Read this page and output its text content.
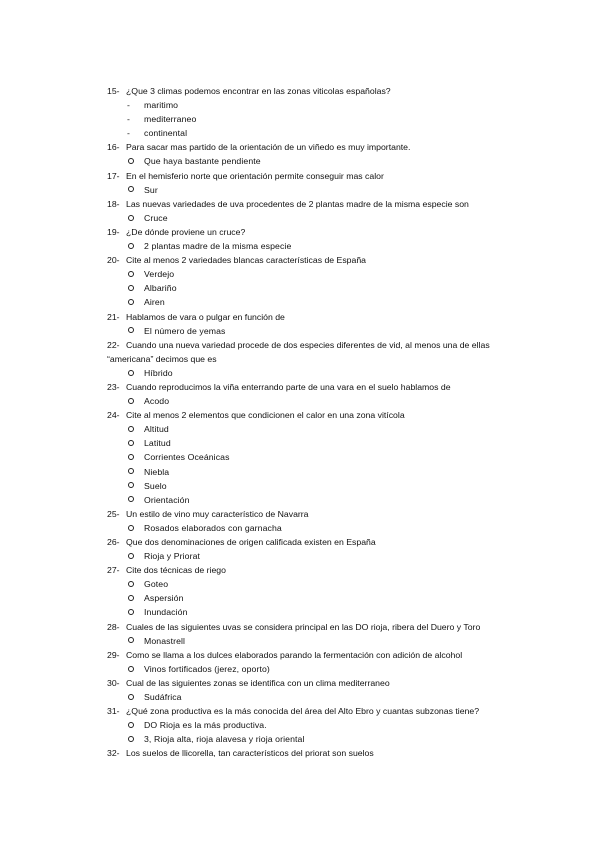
15- ¿Que 3 climas podemos encontrar en las zonas viticolas españolas?
- maritimo
- mediterraneo
- continental
16- Para sacar mas partido de la orientación de un viñedo es muy importante.
Que haya bastante pendiente
17- En el hemisferio norte que orientación permite conseguir mas calor
Sur
18- Las nuevas variedades de uva procedentes de 2 plantas madre de la misma especie son
Cruce
19- ¿De dónde proviene un cruce?
2 plantas madre de la misma especie
20- Cite al menos 2 variedades blancas características de España
Verdejo
Albariño
Airen
21- Hablamos de vara o pulgar en función de
El número de yemas
22- Cuando una nueva variedad procede de dos especies diferentes de vid, al menos una de ellas
“americana” decimos que es
Híbrido
23- Cuando reproducimos la viña enterrando parte de una vara en el suelo hablamos de
Acodo
24- Cite al menos 2 elementos que condicionen el calor en una zona vitícola
Altitud
Latitud
Corrientes Oceánicas
Niebla
Suelo
Orientación
25- Un estilo de vino muy característico de Navarra
Rosados elaborados con garnacha
26- Que dos denominaciones de origen calificada existen en España
Rioja y Priorat
27- Cite dos técnicas de riego
Goteo
Aspersión
Inundación
28- Cuales de las siguientes uvas se considera principal en las DO rioja, ribera del Duero y Toro
Monastrell
29- Como se llama a los dulces elaborados parando la fermentación con adición de alcohol
Vinos fortificados (jerez, oporto)
30- Cual de las siguientes zonas se identifica con un clima mediterraneo
Sudáfrica
31- ¿Qué zona productiva es la más conocida del área del Alto Ebro y cuantas subzonas tiene?
DO Rioja es la más productiva.
3, Rioja alta, rioja alavesa y rioja oriental
32- Los suelos de llicorella, tan característicos del priorat son suelos
